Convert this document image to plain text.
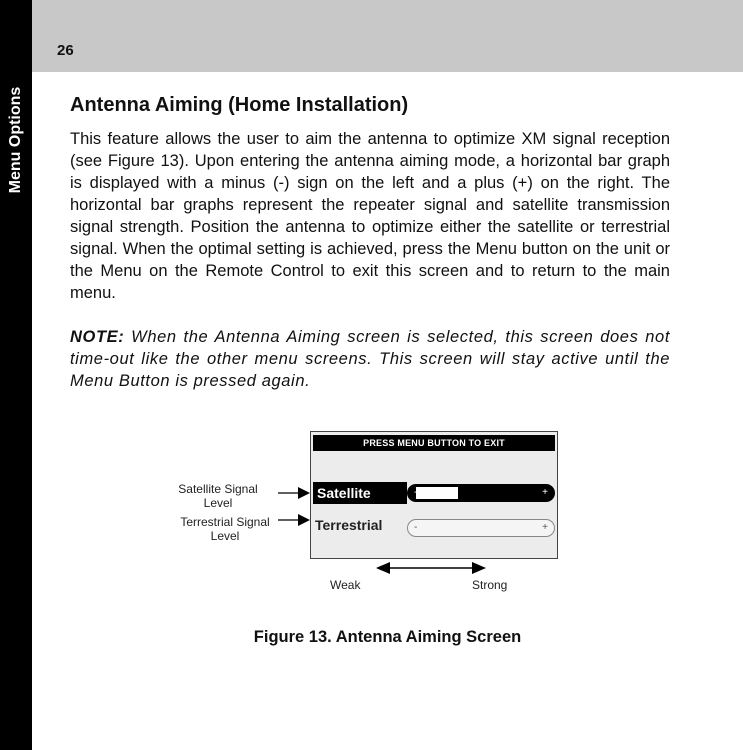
Menu Options
26
Antenna Aiming (Home Installation)

This feature allows the user to aim the antenna to optimize XM signal reception (see Figure 13). Upon entering the antenna aiming mode, a horizontal bar graph is displayed with a minus (-) sign on the left and a plus (+) on the right. The horizontal bar graphs represent the repeater signal and satellite transmission signal strength. Position the antenna to optimize either the satellite or terrestrial signal. When the optimal setting is achieved, press the Menu button on the unit or the Menu on the Remote Control to exit this screen and to return to the main menu.

NOTE: When the Antenna Aiming screen is selected, this screen does not time-out like the other menu screens. This screen will stay active until the Menu Button is pressed again.

PRESS MENU BUTTON TO EXIT
Satellite	-	+
Terrestrial	-	+
Satellite Signal
Level
Terrestrial Signal
Level
Weak	Strong
Figure 13. Antenna Aiming Screen
